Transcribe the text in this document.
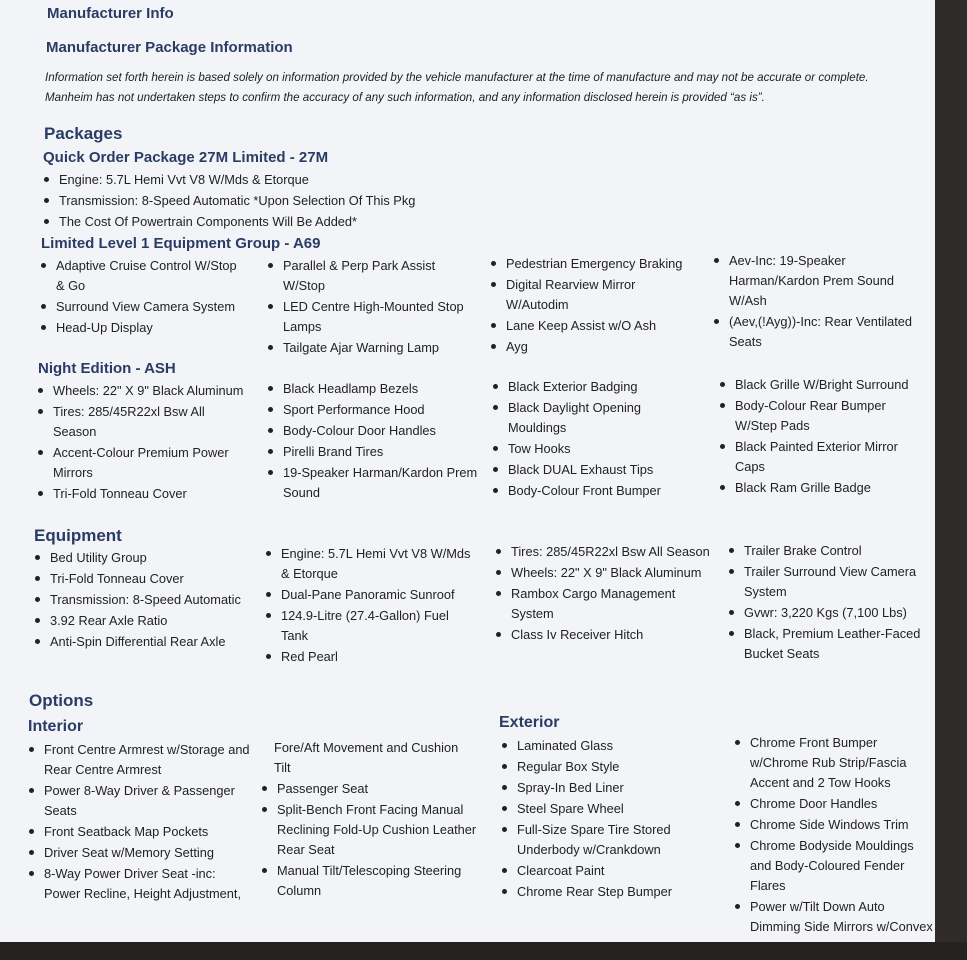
Manufacturer Info
Manufacturer Package Information
Information set forth herein is based solely on information provided by the vehicle manufacturer at the time of manufacture and may not be accurate or complete. Manheim has not undertaken steps to confirm the accuracy of any such information, and any information disclosed herein is provided “as is”.
Packages
Quick Order Package 27M Limited - 27M
Engine: 5.7L Hemi Vvt V8 W/Mds & Etorque
Transmission: 8-Speed Automatic *Upon Selection Of This Pkg
The Cost Of Powertrain Components Will Be Added*
Limited Level 1 Equipment Group - A69
Adaptive Cruise Control W/Stop & Go
Surround View Camera System
Head-Up Display
Parallel & Perp Park Assist W/Stop
LED Centre High-Mounted Stop Lamps
Tailgate Ajar Warning Lamp
Pedestrian Emergency Braking
Digital Rearview Mirror W/Autodim
Lane Keep Assist w/O Ash
Ayg
Aev-Inc: 19-Speaker Harman/Kardon Prem Sound W/Ash
(Aev,(!Ayg))-Inc: Rear Ventilated Seats
Night Edition - ASH
Wheels: 22" X 9" Black Aluminum
Tires: 285/45R22xl Bsw All Season
Accent-Colour Premium Power Mirrors
Tri-Fold Tonneau Cover
Black Headlamp Bezels
Sport Performance Hood
Body-Colour Door Handles
Pirelli Brand Tires
19-Speaker Harman/Kardon Prem Sound
Black Exterior Badging
Black Daylight Opening Mouldings
Tow Hooks
Black DUAL Exhaust Tips
Body-Colour Front Bumper
Black Grille W/Bright Surround
Body-Colour Rear Bumper W/Step Pads
Black Painted Exterior Mirror Caps
Black Ram Grille Badge
Equipment
Bed Utility Group
Tri-Fold Tonneau Cover
Transmission: 8-Speed Automatic
3.92 Rear Axle Ratio
Anti-Spin Differential Rear Axle
Engine: 5.7L Hemi Vvt V8 W/Mds & Etorque
Dual-Pane Panoramic Sunroof
124.9-Litre (27.4-Gallon) Fuel Tank
Red Pearl
Tires: 285/45R22xl Bsw All Season
Wheels: 22" X 9" Black Aluminum
Rambox Cargo Management System
Class Iv Receiver Hitch
Trailer Brake Control
Trailer Surround View Camera System
Gvwr: 3,220 Kgs (7,100 Lbs)
Black, Premium Leather-Faced Bucket Seats
Options
Interior
Front Centre Armrest w/Storage and Rear Centre Armrest
Power 8-Way Driver & Passenger Seats
Front Seatback Map Pockets
Driver Seat w/Memory Setting
8-Way Power Driver Seat -inc: Power Recline, Height Adjustment,
Fore/Aft Movement and Cushion Tilt
Passenger Seat
Split-Bench Front Facing Manual Reclining Fold-Up Cushion Leather Rear Seat
Manual Tilt/Telescoping Steering Column
Exterior
Laminated Glass
Regular Box Style
Spray-In Bed Liner
Steel Spare Wheel
Full-Size Spare Tire Stored Underbody w/Crankdown
Clearcoat Paint
Chrome Rear Step Bumper
Chrome Front Bumper w/Chrome Rub Strip/Fascia Accent and 2 Tow Hooks
Chrome Door Handles
Chrome Side Windows Trim
Chrome Bodyside Mouldings and Body-Coloured Fender Flares
Power w/Tilt Down Auto Dimming Side Mirrors w/Convex
